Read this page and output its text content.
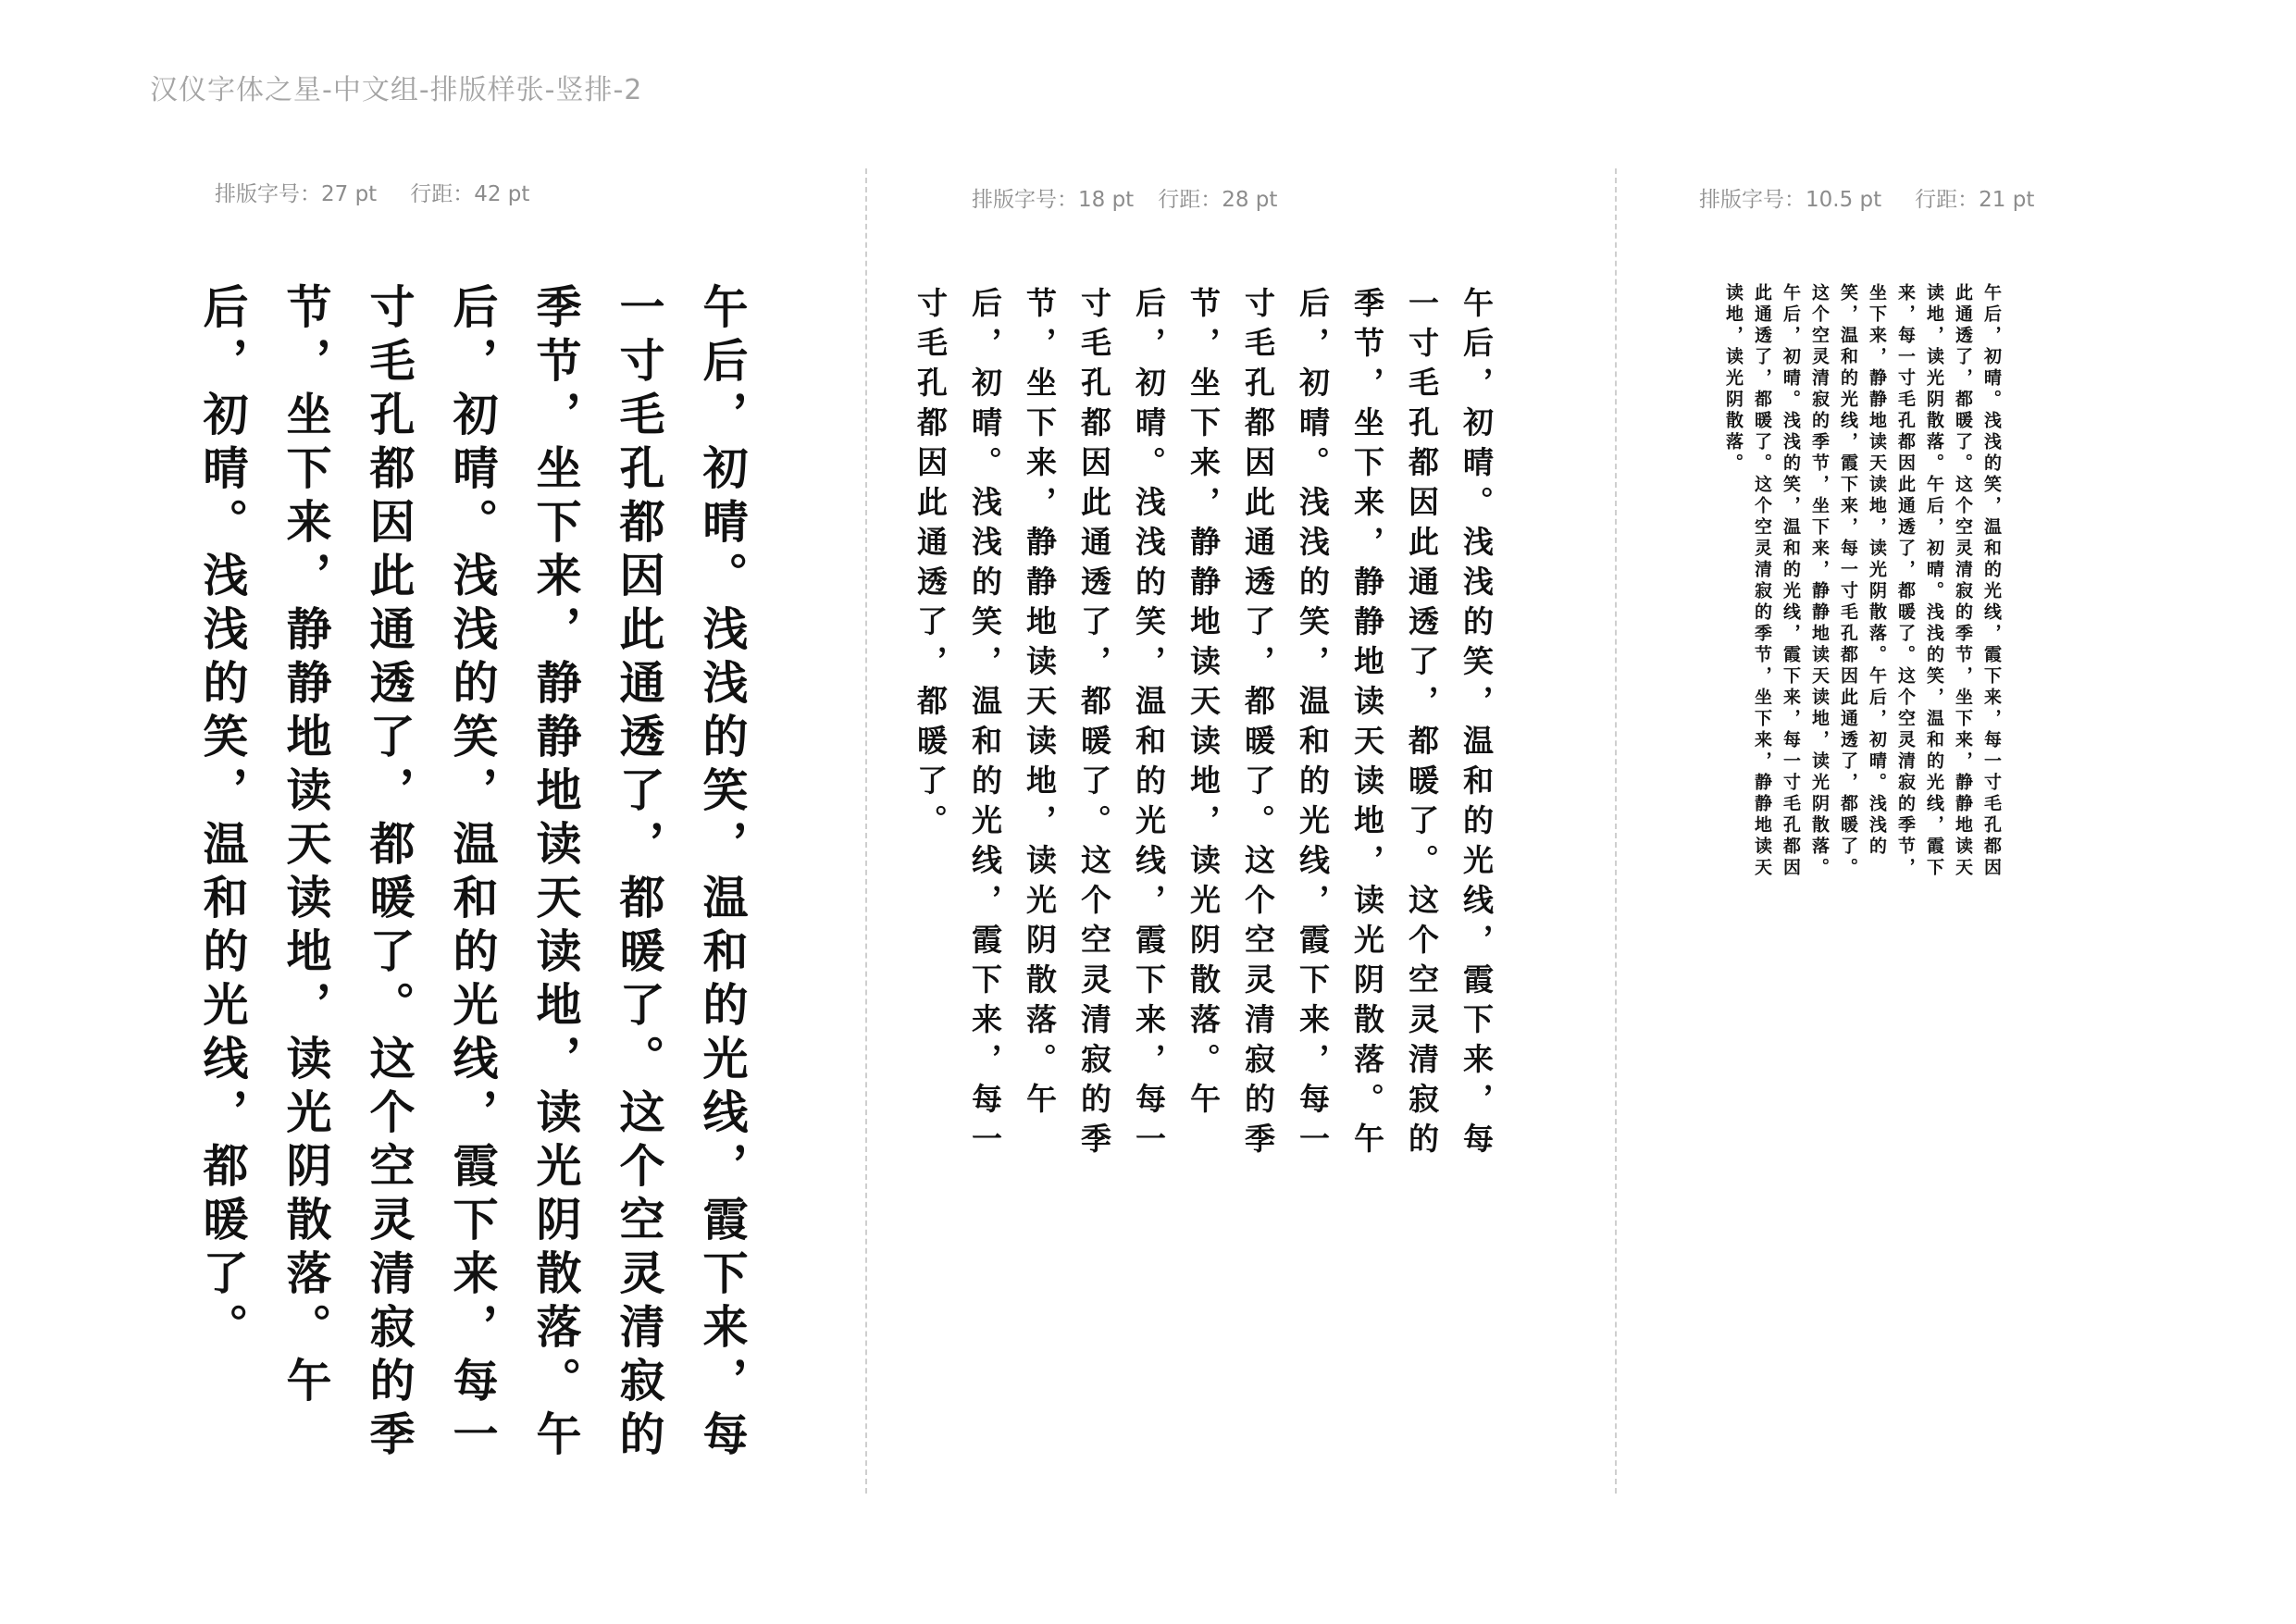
汉仪字体之星-中文组-排版样张-竖排-2
排版字号：27 pt 行距：42 pt

午后，初晴。浅浅的笑，温和的光线，霞下来，每一寸毛孔都因此通透了，都暖了。这个空灵清寂的季节，坐下来，静静地读天读地，读光阴散落。午后，初晴。浅浅的笑，温和的光线，霞下来，每一寸毛孔都因此通透了，都暖了。这个空灵清寂的季节，坐下来，静静地读天读地，读光阴散落。午后，初晴。浅浅的笑，温和的光线，都暖了。

排版字号：18 pt 行距：28 pt

午后，初晴。浅浅的笑，温和的光线，霞下来，每一寸毛孔都因此通透了，都暖了。这个空灵清寂的季节，坐下来，静静地读天读地，读光阴散落。午后，初晴。浅浅的笑，温和的光线，霞下来，每一寸毛孔都因此通透了，都暖了。这个空灵清寂的季节，坐下来，静静地读天读地，读光阴散落。午后，初晴。浅浅的笑，温和的光线，霞下来，每一寸毛孔都因此通透了，都暖了。这个空灵清寂的季节，坐下来，静静地读天读地，读光阴散落。午后，初晴。浅浅的笑，温和的光线，霞下来，每一寸毛孔都因此通透了，都暖了。

排版字号：10.5 pt 行距：21 pt

午后，初晴。浅浅的笑，温和的光线，霞下来，每一寸毛孔都因此通透了，都暖了。这个空灵清寂的季节，坐下来，静静地读天读地，读光阴散落。午后，初晴。浅浅的笑，温和的光线，霞下来，每一寸毛孔都因此通透了，都暖了。这个空灵清寂的季节，坐下来，静静地读天读地，读光阴散落。午后，初晴。浅浅的笑，温和的光线，霞下来，每一寸毛孔都因此通透了，都暖了。这个空灵清寂的季节，坐下来，静静地读天读地，读光阴散落。午后，初晴。浅浅的笑，温和的光线，霞下来，每一寸毛孔都因此通透了，都暖了。这个空灵清寂的季节，坐下来，静静地读天读地，读光阴散落。
